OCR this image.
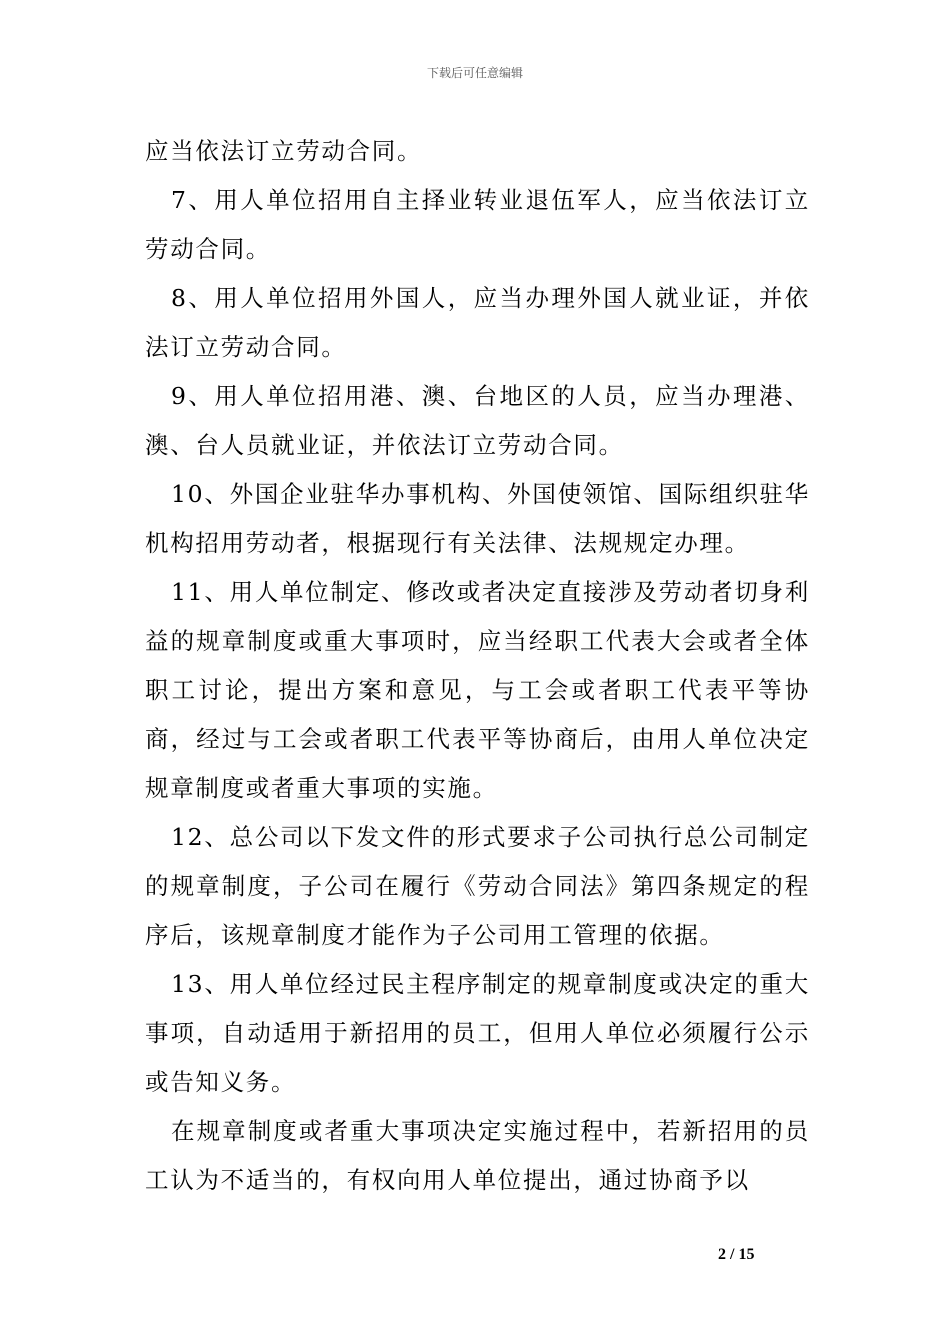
下载后可任意编辑

应当依法订立劳动合同。

7、用人单位招用自主择业转业退伍军人，应当依法订立劳动合同。

8、用人单位招用外国人，应当办理外国人就业证，并依法订立劳动合同。

9、用人单位招用港、澳、台地区的人员，应当办理港、澳、台人员就业证，并依法订立劳动合同。

10、外国企业驻华办事机构、外国使领馆、国际组织驻华机构招用劳动者，根据现行有关法律、法规规定办理。

11、用人单位制定、修改或者决定直接涉及劳动者切身利益的规章制度或重大事项时，应当经职工代表大会或者全体职工讨论，提出方案和意见，与工会或者职工代表平等协商，经过与工会或者职工代表平等协商后，由用人单位决定规章制度或者重大事项的实施。

12、总公司以下发文件的形式要求子公司执行总公司制定的规章制度，子公司在履行《劳动合同法》第四条规定的程序后，该规章制度才能作为子公司用工管理的依据。

13、用人单位经过民主程序制定的规章制度或决定的重大事项，自动适用于新招用的员工，但用人单位必须履行公示或告知义务。

在规章制度或者重大事项决定实施过程中，若新招用的员工认为不适当的，有权向用人单位提出，通过协商予以

2 / 15
